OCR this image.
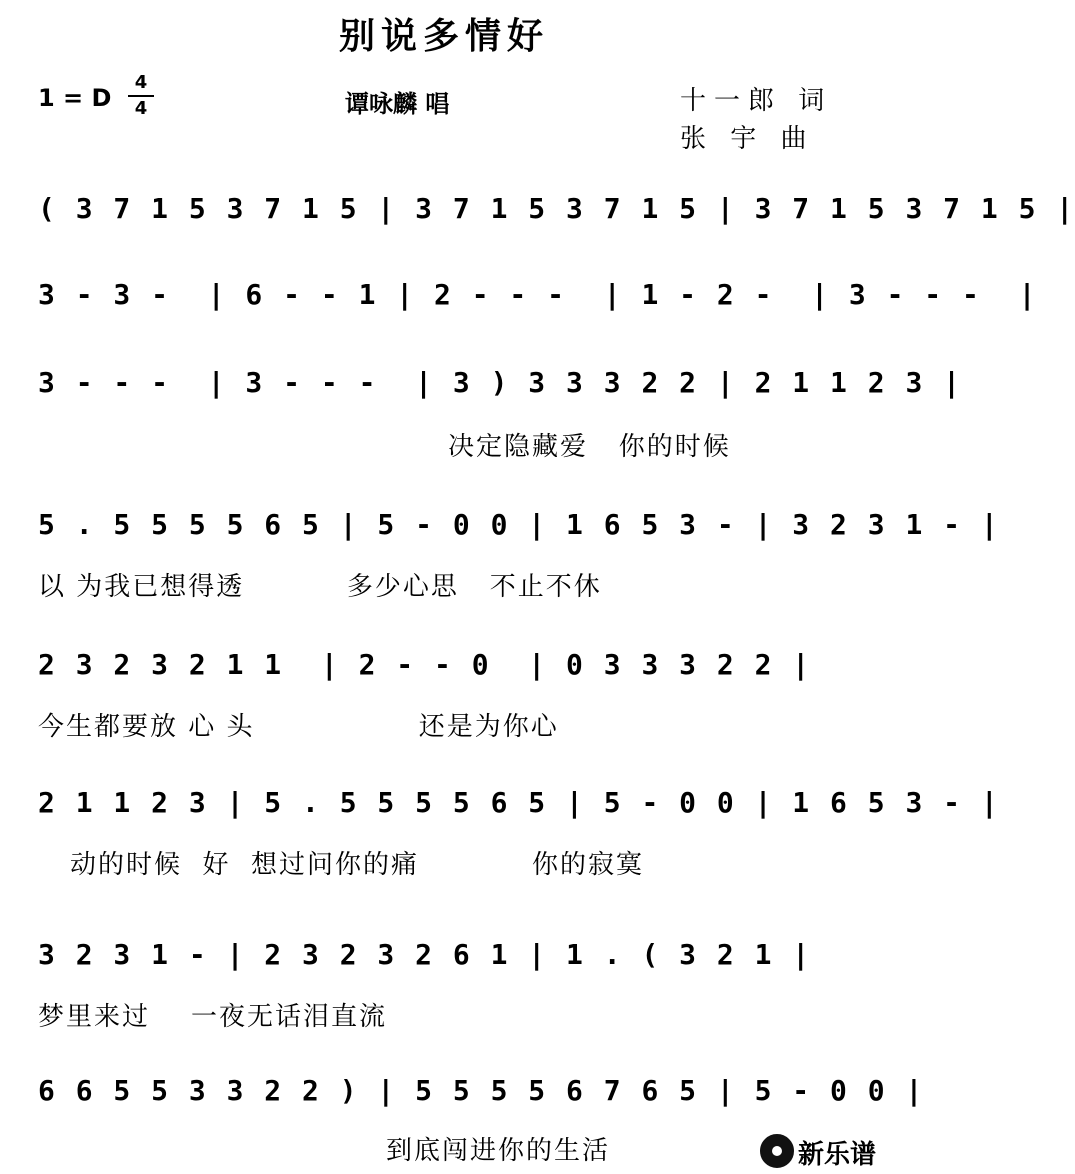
别说多情好
1 = D
4
4	谭咏麟 唱	十一郎 词
张 宇 曲
( 3 7 1 5 3 7 1 5 | 3 7 1 5 3 7 1 5 | 3 7 1 5 3 7 1 5 |
3 - 3 -  | 6 - - 1 | 2 - - -  | 1 - 2 -  | 3 - - -  |
3 - - -  | 3 - - -  | 3 ) 3 3 3 2 2 | 2 1 1 2 3 |
决定隐藏爱   你的时候
5 . 5 5 5 5 6 5 | 5 - 0 0 | 1 6 5 3 - | 3 2 3 1 - |
以 为我已想得透          多少心思   不止不休
2 3 2 3 2 1 1  | 2 - - 0  | 0 3 3 3 2 2 |
今生都要放 心 头                还是为你心
2 1 1 2 3 | 5 . 5 5 5 5 6 5 | 5 - 0 0 | 1 6 5 3 - |
动的时候  好  想过问你的痛           你的寂寞
3 2 3 1 - | 2 3 2 3 2 6 1 | 1 . ( 3 2 1 |
梦里来过    一夜无话泪直流
6 6 5 5 3 3 2 2 ) | 5 5 5 5 6 7 6 5 | 5 - 0 0 |
到底闯进你的生活	新乐谱
